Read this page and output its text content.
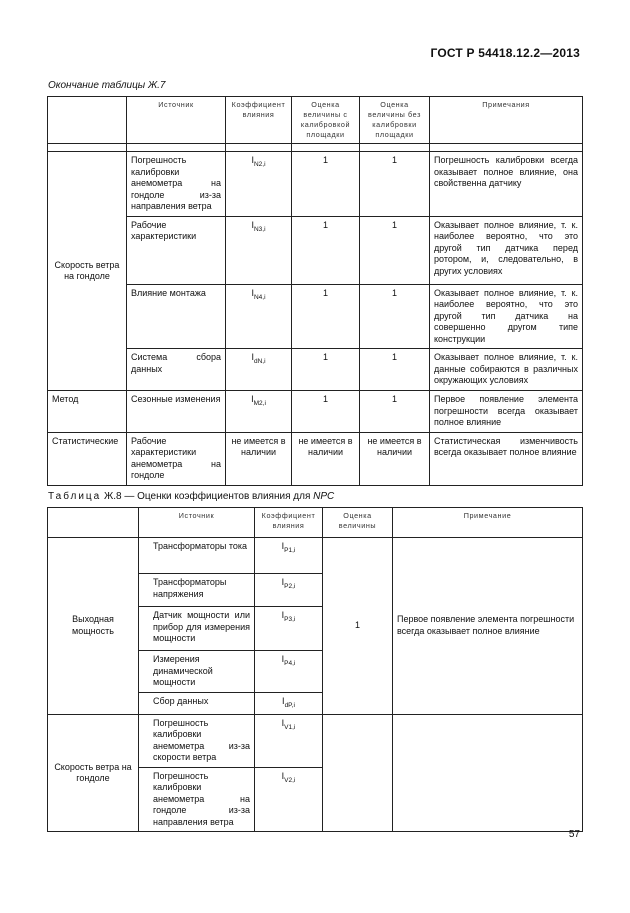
ГОСТ Р 54418.12.2—2013
Окончание таблицы Ж.7
	Источник	Коэффициент влияния	Оценка величины с калибровкой площадки	Оценка величины без калибровки площадки	Примечания

Скорость ветра на гондоле	Погрешность калибровки анемометра на гондоле из-за направления ветра	$I_{N2,i}$	1	1	Погрешность калибровки всегда оказывает полное влияние, она свойственна датчику
	Рабочие характеристики	$I_{N3,i}$	1	1	Оказывает полное влияние, т. к. наиболее вероятно, что это другой тип датчика перед ротором, и, следовательно, в других условиях
	Влияние монтажа	$I_{N4,i}$	1	1	Оказывает полное влияние, т. к. наиболее вероятно, что это другой тип датчика на совершенно другом типе конструкции
	Система сбора данных	$I_{dN,i}$	1	1	Оказывает полное влияние, т. к. данные собираются в различных окружающих условиях
Метод	Сезонные изменения	$I_{M2,i}$	1	1	Первое появление элемента погрешности всегда оказывает полное влияние
Статистические	Рабочие характеристики анемометра на гондоле	не имеется в наличии	не имеется в наличии	не имеется в наличии	Статистическая изменчивость всегда оказывает полное влияние
Таблица Ж.8 — Оценки коэффициентов влияния для NPC
	Источник	Коэффициент влияния	Оценка величины	Примечание
Выходная мощность	Трансформаторы тока	$I_{P1,i}$	1	Первое появление элемента погрешности всегда оказывает полное влияние
	Трансформаторы напряжения	$I_{P2,i}$
	Датчик мощности или прибор для измерения мощности	$I_{P3,i}$
	Измерения динамической мощности	$I_{P4,i}$
	Сбор данных	$I_{dP,i}$
Скорость ветра на гондоле	Погрешность калибровки анемометра из-за скорости ветра	$I_{V1,i}$		
	Погрешность калибровки анемометра на гондоле из-за направления ветра	$I_{V2,i}$
57
